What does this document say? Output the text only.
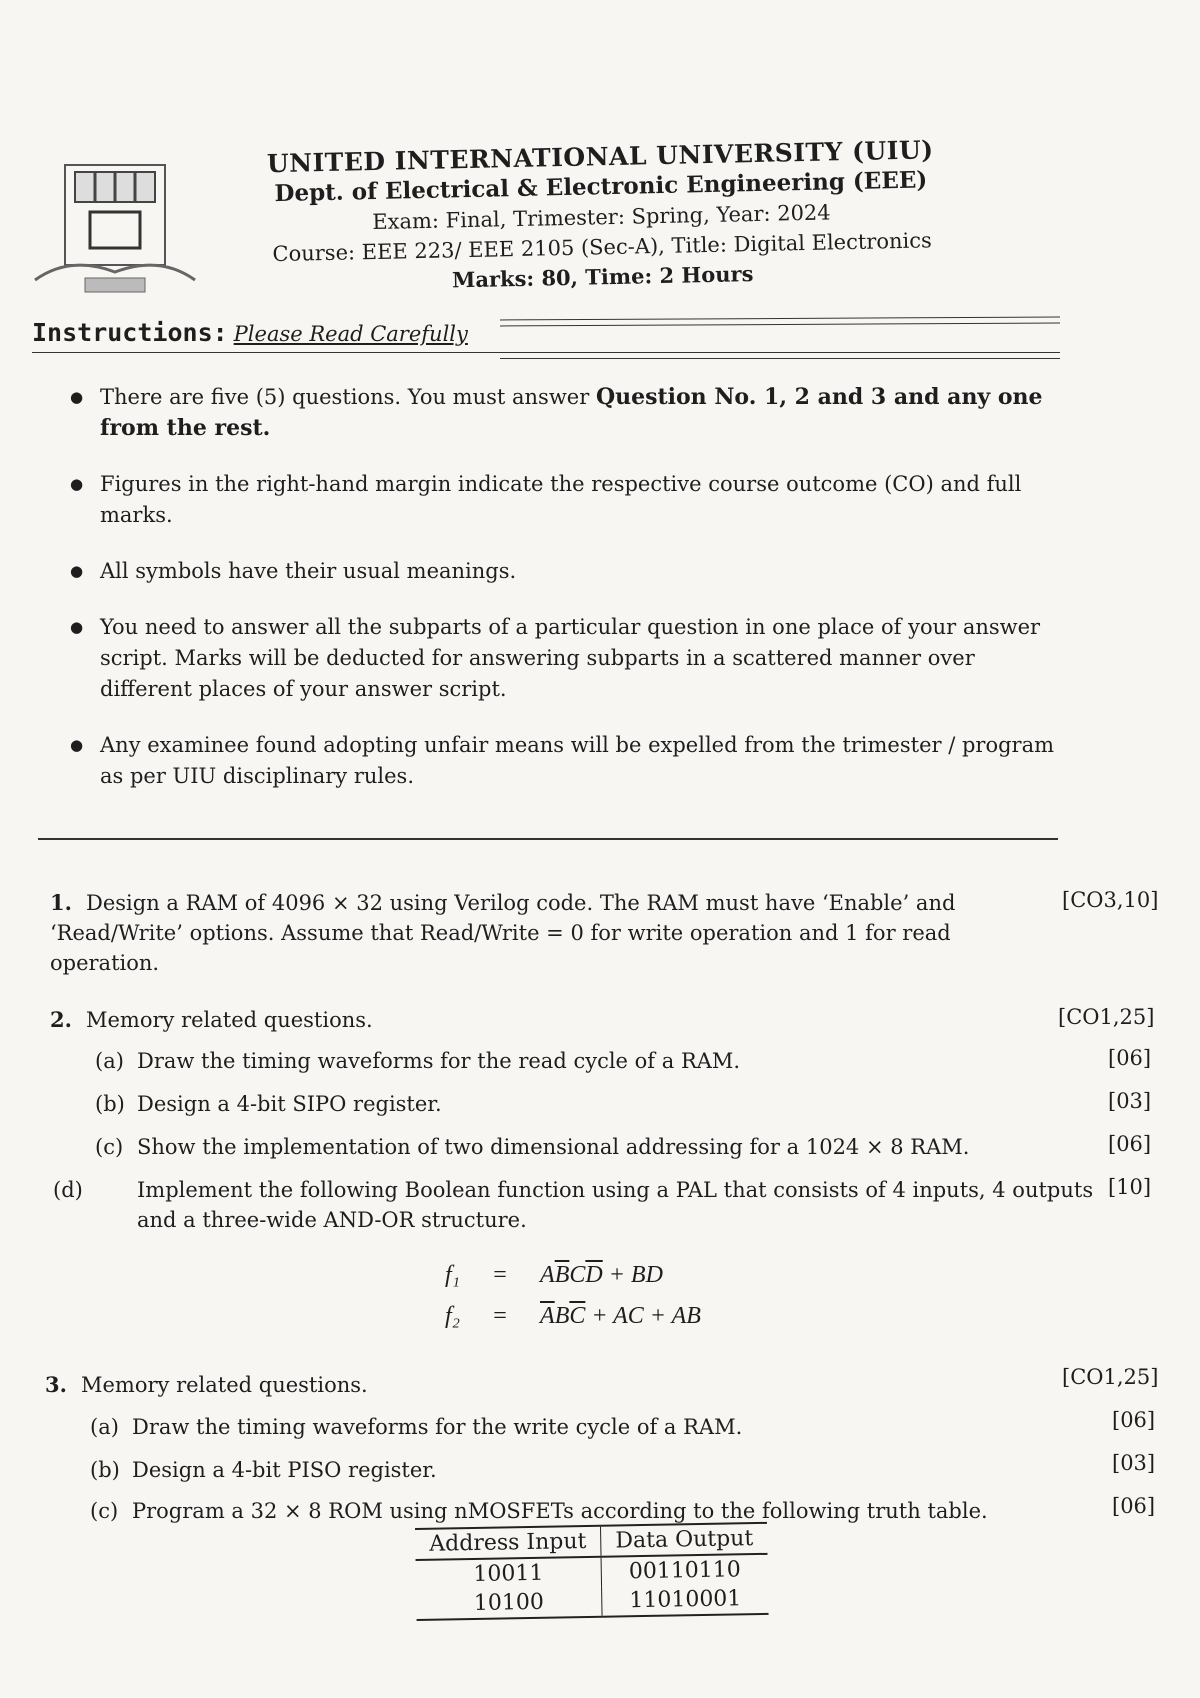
UNITED INTERNATIONAL UNIVERSITY (UIU)
Dept. of Electrical & Electronic Engineering (EEE)
Exam: Final, Trimester: Spring, Year: 2024
Course: EEE 223/ EEE 2105 (Sec-A), Title: Digital Electronics
Marks: 80, Time: 2 Hours
Instructions: Please Read Carefully
● There are five (5) questions. You must answer Question No. 1, 2 and 3 and any one from the rest.
● Figures in the right-hand margin indicate the respective course outcome (CO) and full marks.
● All symbols have their usual meanings.
● You need to answer all the subparts of a particular question in one place of your answer script. Marks will be deducted for answering subparts in a scattered manner over different places of your answer script.
● Any examinee found adopting unfair means will be expelled from the trimester / program as per UIU disciplinary rules.
1. Design a RAM of 4096 × 32 using Verilog code. The RAM must have ‘Enable’ and ‘Read/Write’ options. Assume that Read/Write = 0 for write operation and 1 for read operation.
[CO3,10]
2. Memory related questions.	[CO1,25]
(a) Draw the timing waveforms for the read cycle of a RAM.	[06]
(b) Design a 4-bit SIPO register.	[03]
(c) Show the implementation of two dimensional addressing for a 1024 × 8 RAM.	[06]
(d)	Implement the following Boolean function using a PAL that consists of 4 inputs, 4 outputs and a three-wide AND-OR structure.
[10]
$f_1 = A\overline{B}C\overline{D}$ + BD
$f_2 = \overline{A}B\overline{C}$ + AC + AB
3. Memory related questions.	[CO1,25]
(a) Draw the timing waveforms for the write cycle of a RAM.	[06]
(b) Design a 4-bit PISO register.	[03]
(c) Program a 32 × 8 ROM using nMOSFETs according to the following truth table.	[06]
Address Input	Data Output
10011	00110110
10100	11010001
